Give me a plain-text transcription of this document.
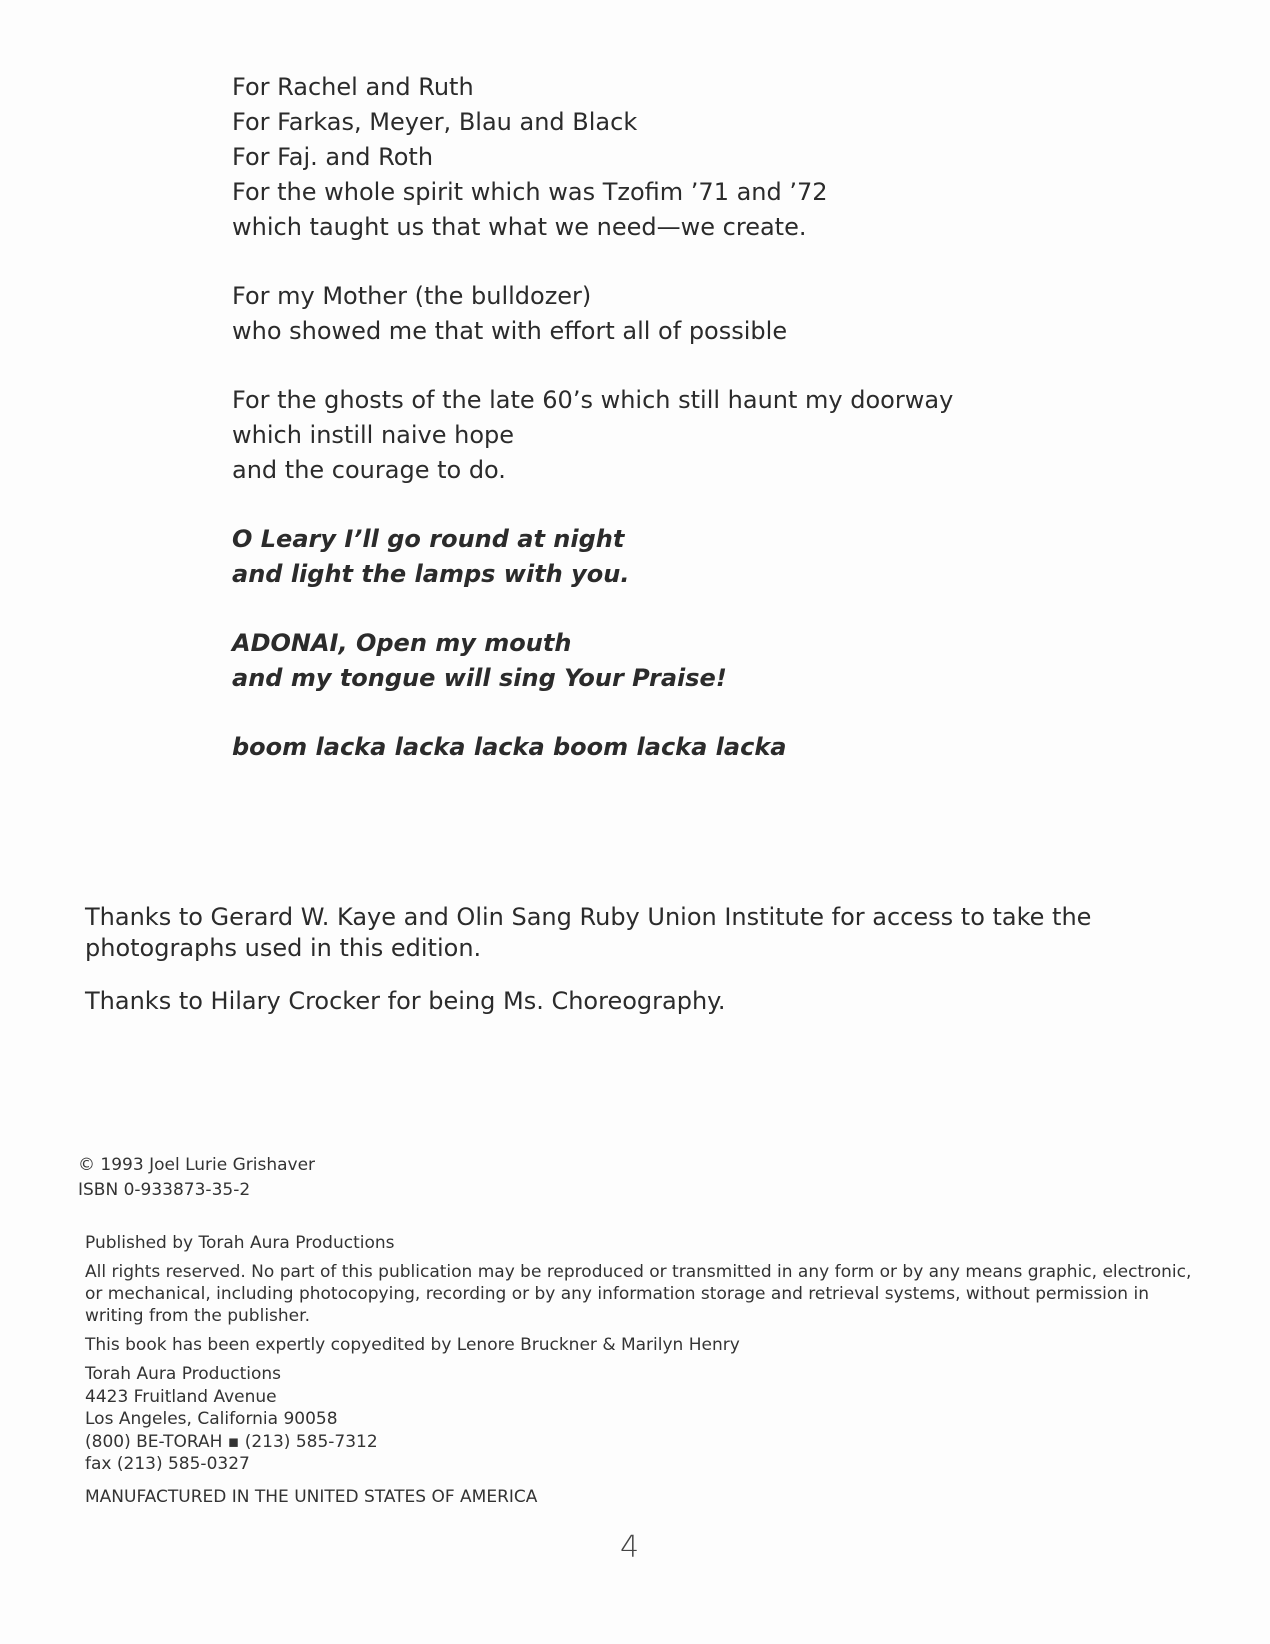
For Rachel and Ruth
For Farkas, Meyer, Blau and Black
For Faj. and Roth
For the whole spirit which was Tzofim ’71 and ’72
which taught us that what we need—we create.
For my Mother (the bulldozer)
who showed me that with effort all of possible
For the ghosts of the late 60’s which still haunt my doorway
which instill naive hope
and the courage to do.
O Leary I’ll go round at night
and light the lamps with you.
ADONAI, Open my mouth
and my tongue will sing Your Praise!
boom lacka lacka lacka boom lacka lacka

Thanks to Gerard W. Kaye and Olin Sang Ruby Union Institute for access to take the photographs used in this edition.

Thanks to Hilary Crocker for being Ms. Choreography.

© 1993 Joel Lurie Grishaver
ISBN 0-933873-35-2

Published by Torah Aura Productions

All rights reserved. No part of this publication may be reproduced or transmitted in any form or by any means graphic, electronic, or mechanical, including photocopying, recording or by any information storage and retrieval systems, without permission in writing from the publisher.

This book has been expertly copyedited by Lenore Bruckner & Marilyn Henry

Torah Aura Productions
4423 Fruitland Avenue
Los Angeles, California 90058
(800) BE-TORAH ▪ (213) 585-7312
fax (213) 585-0327

MANUFACTURED IN THE UNITED STATES OF AMERICA

4
